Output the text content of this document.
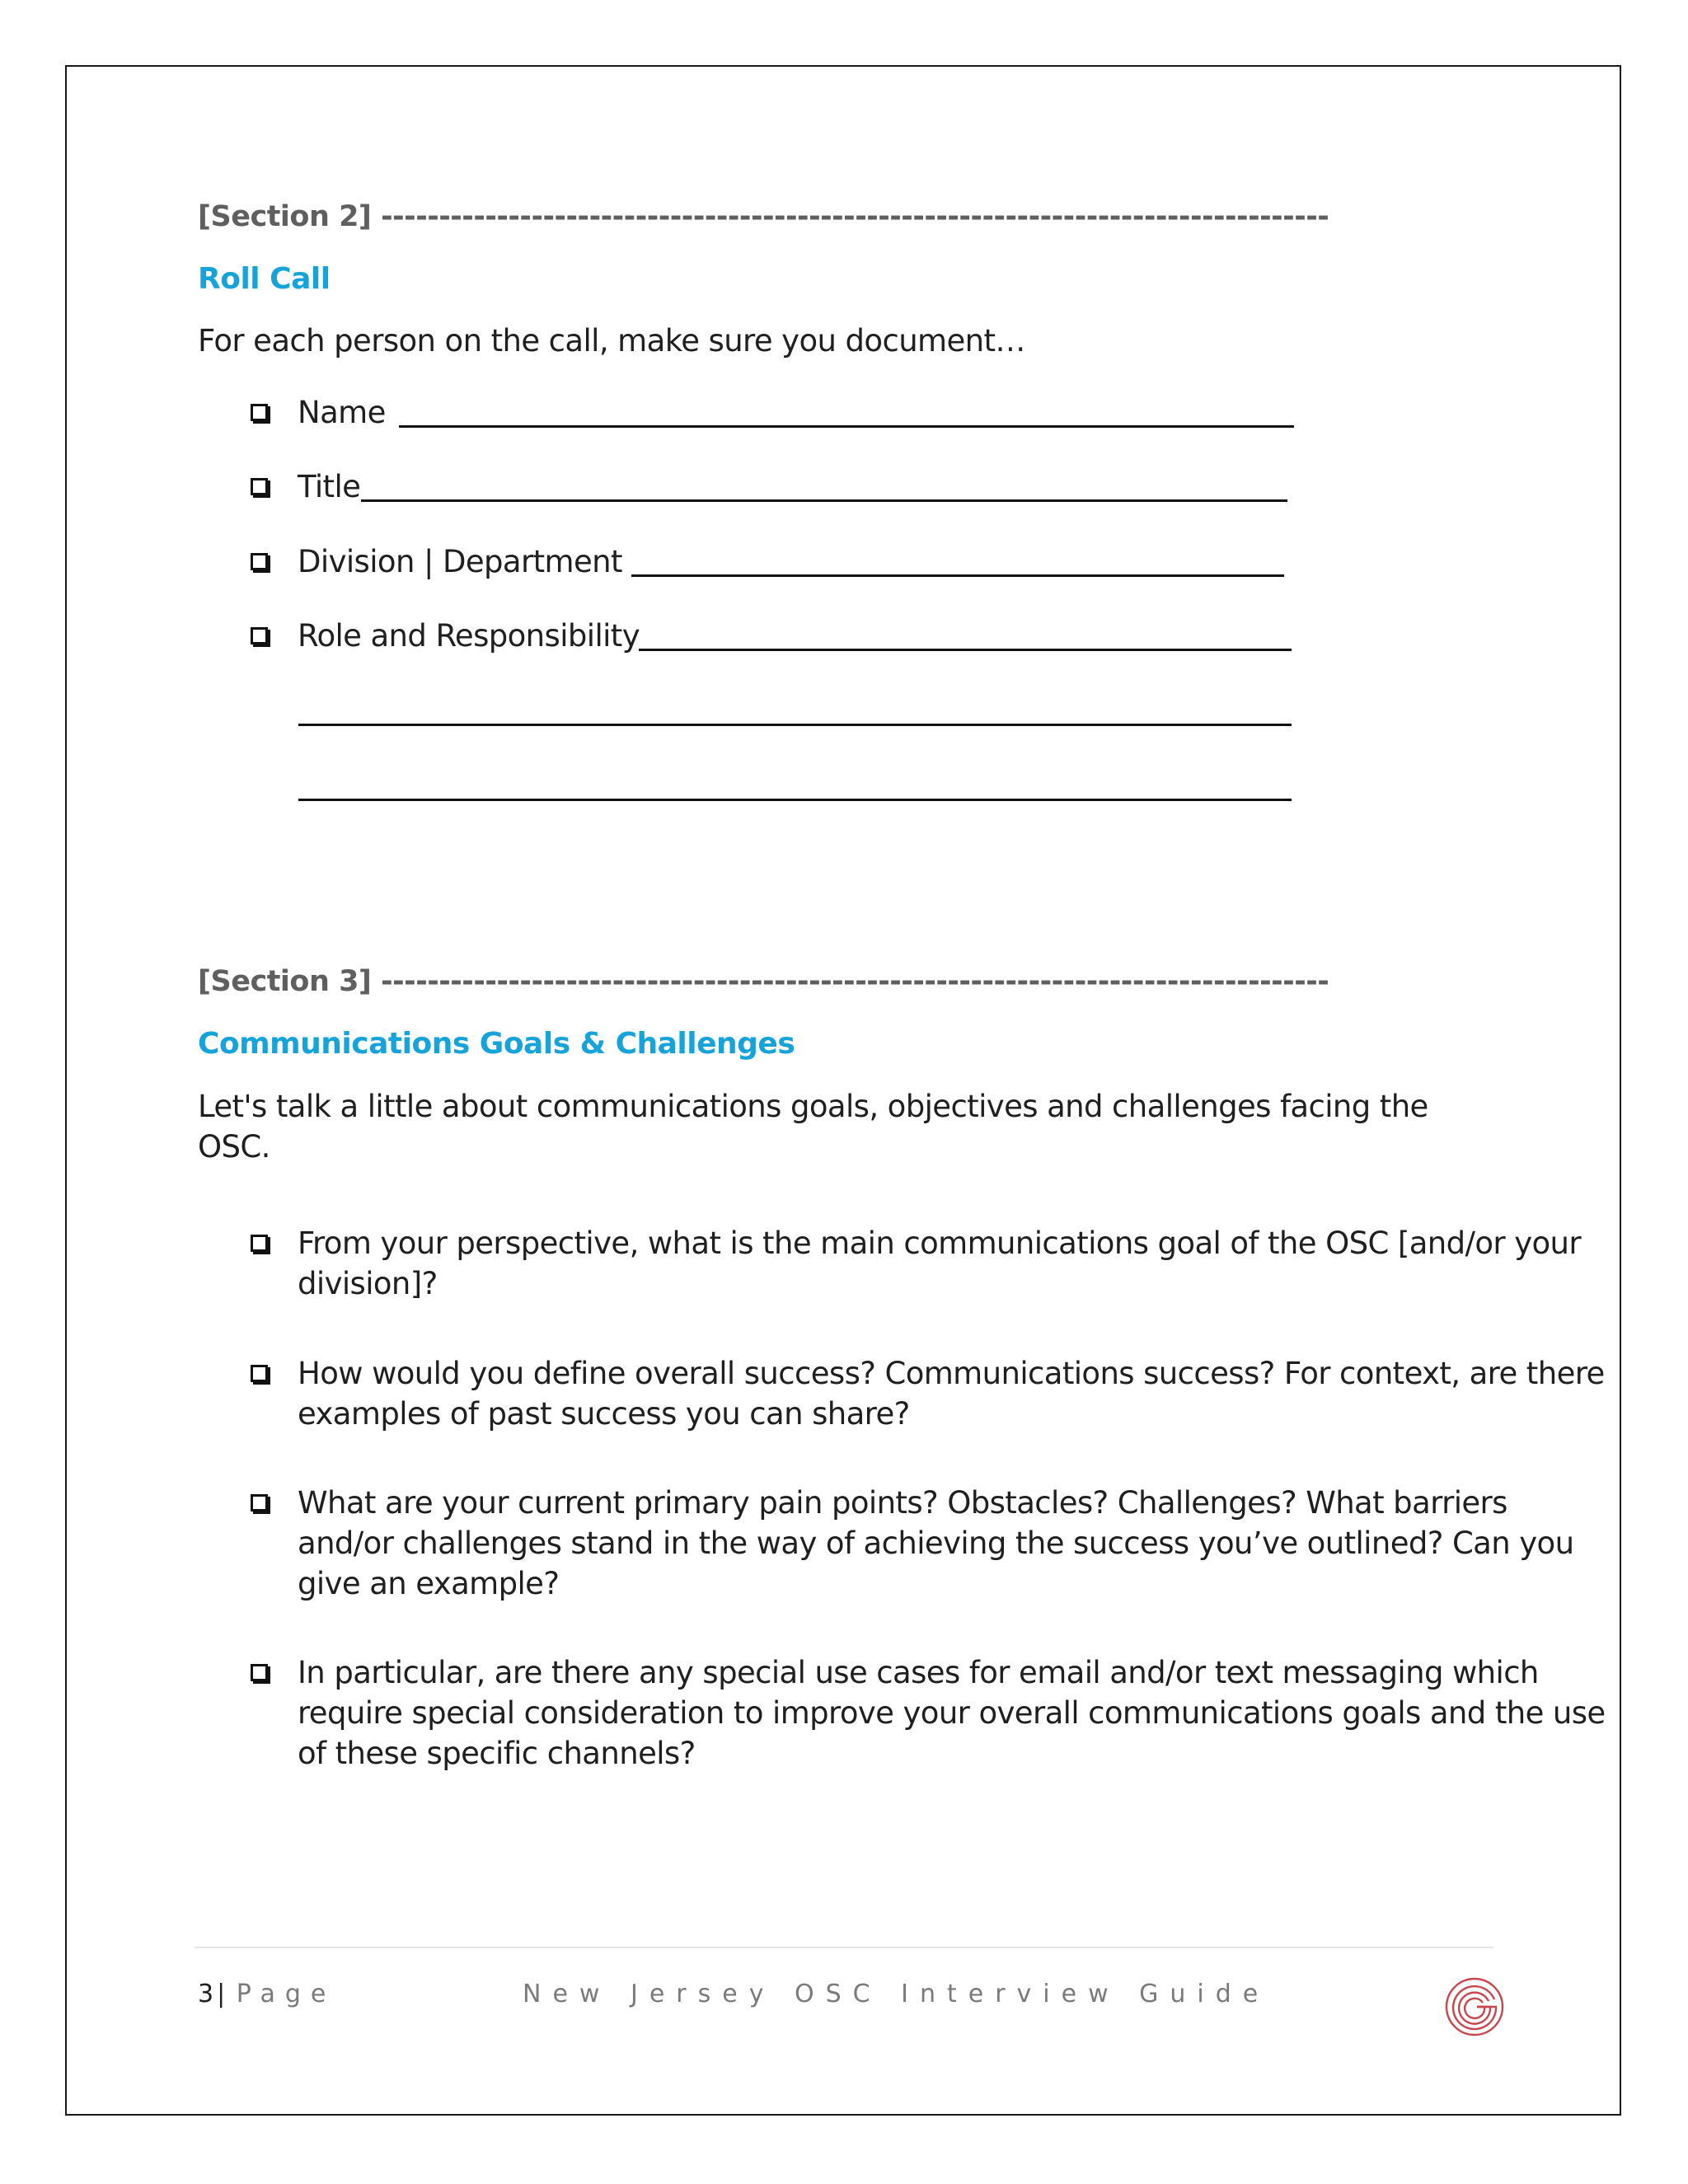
[Section 2] ----------------------------------------------------------------------------------
Roll Call
For each person on the call, make sure you document…
Name
Title
Division | Department
Role and Responsibility
[Section 3] ----------------------------------------------------------------------------------
Communications Goals & Challenges
Let's talk a little about communications goals, objectives and challenges facing the OSC.
From your perspective, what is the main communications goal of the OSC [and/or your division]?
How would you define overall success? Communications success? For context, are there examples of past success you can share?
What are your current primary pain points? Obstacles? Challenges? What barriers and/or challenges stand in the way of achieving the success you’ve outlined? Can you give an example?
In particular, are there any special use cases for email and/or text messaging which require special consideration to improve your overall communications goals and the use of these specific channels?
3| Page	New Jersey OSC Interview Guide
